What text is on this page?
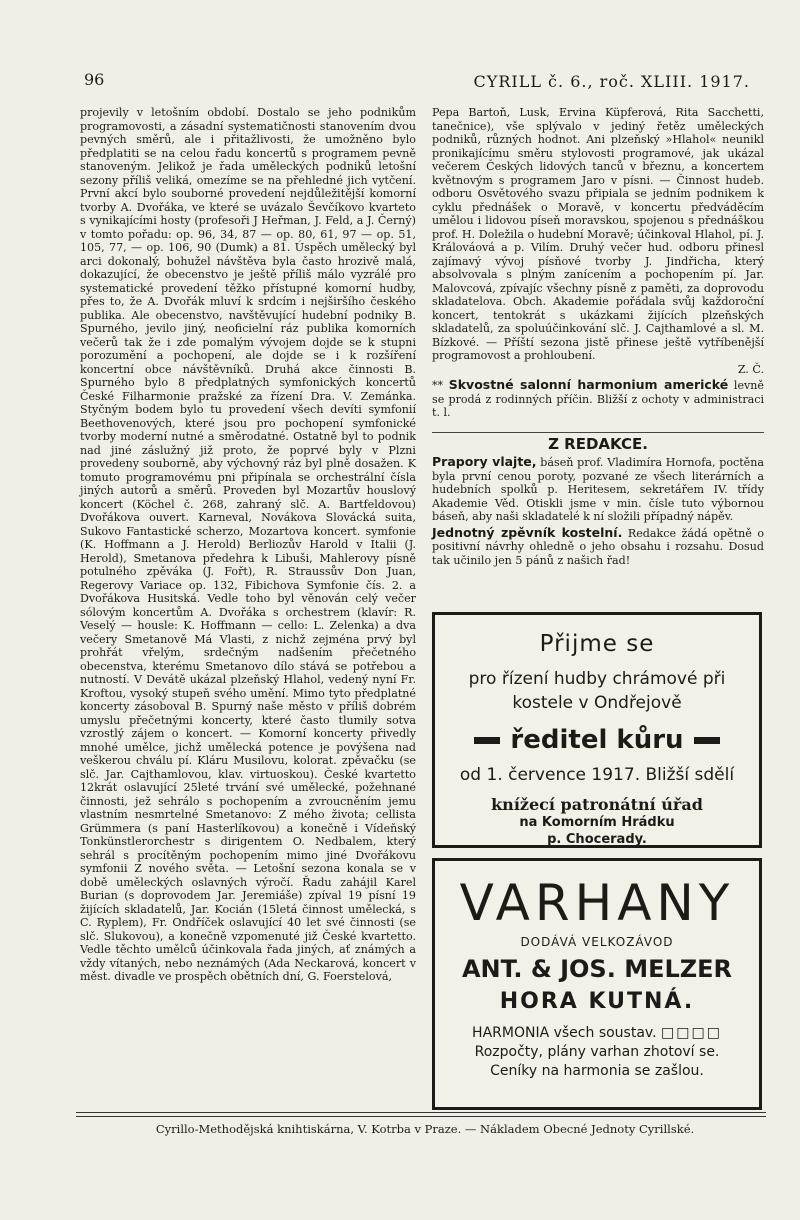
96	CYRILL č. 6., roč. XLIII. 1917.

projevily v letošním období. Dostalo se jeho podnikům programovosti, a zásadní systematičnosti stanovením dvou pevných směrů, ale i přitažlivosti, že umožněno bylo předplatiti se na celou řadu koncertů s programem pevně stanoveným. Jelikož je řada uměleckých podniků letošní sezony příliš veliká, omezíme se na přehledné jich vytčení. První akcí bylo souborné provedení nejdůležitější komorní tvorby A. Dvořáka, ve které se uvázalo Ševčíkovo kvarteto s vynikajícími hosty (profesoři J Heřman, J. Feld, a J. Černý) v tomto pořadu: op. 96, 34, 87 — op. 80, 61, 97 — op. 51, 105, 77, — op. 106, 90 (Dumk) a 81. Úspěch umělecký byl arci dokonalý, bohužel návštěva byla často hrozivě malá, dokazující, že obecenstvo je ještě příliš málo vyzrálé pro systematické provedení těžko přístupné komorní hudby, přes to, že A. Dvořák mluví k srdcím i nejširšího českého publika. Ale obecenstvo, navštěvující hudební podniky B. Spurného, jevilo jiný, neoficielní ráz publika komorních večerů tak že i zde pomalým vývojem dojde se k stupni porozumění a pochopení, ale dojde se i k rozšíření koncertní obce návštěvníků. Druhá akce činnosti B. Spurného bylo 8 předplatných symfonických koncertů České Filharmonie pražské za řízení Dra. V. Zemánka. Styčným bodem bylo tu provedení všech devíti symfonií Beethovenových, které jsou pro pochopení symfonické tvorby moderní nutné a směrodatné. Ostatně byl to podnik nad jiné záslužný již proto, že poprvé byly v Plzni provedeny souborně, aby výchovný ráz byl plně dosažen. K tomuto programovému pni připínala se orchestrální čísla jiných autorů a směrů. Proveden byl Mozartův houslový koncert (Köchel č. 268, zahraný slč. A. Bartfeldovou) Dvořákova ouvert. Karneval, Novákova Slovácká suita, Sukovo Fantastické scherzo, Mozartova koncert. symfonie (K. Hoffmann a J. Herold) Berliozův Harold v Italii (J. Herold), Smetanova předehra k Libuši, Mahlerovy písně potulného zpěváka (J. Fořt), R. Straussův Don Juan, Regerovy Variace op. 132, Fibichova Symfonie čís. 2. a Dvořákova Husitská. Vedle toho byl věnován celý večer sólovým koncertům A. Dvořáka s orchestrem (klavír: R. Veselý — housle: K. Hoffmann — cello: L. Zelenka) a dva večery Smetanově Má Vlasti, z nichž zejména prvý byl prohřát vřelým, srdečným nadšením přečetného obecenstva, kterému Smetanovo dílo stává se potřebou a nutností. V Devátě ukázal plzeňský Hlahol, vedený nyní Fr. Kroftou, vysoký stupeň svého umění. Mimo tyto předplatné koncerty zásoboval B. Spurný naše město v příliš dobrém umyslu přečetnými koncerty, které často tlumily sotva vzrostlý zájem o koncert. — Komorní koncerty přivedly mnohé umělce, jichž umělecká potence je povýšena nad veškerou chválu pí. Kláru Musilovu, kolorat. zpěvačku (se slč. Jar. Cajthamlovou, klav. virtuoskou). České kvartetto 12krát oslavující 25leté trvání své umělecké, požehnané činnosti, jež sehrálo s pochopením a zvroucněním jemu vlastním nesmrtelné Smetanovo: Z mého života; cellista Grümmera (s paní Hasterlíkovou) a konečně i Vídeňský Tonkünstlerorchestr s dirigentem O. Nedbalem, který sehrál s procítěným pochopením mimo jiné Dvořákovu symfonii Z nového světa. — Letošní sezona konala se v době uměleckých oslavných výročí. Řadu zahájil Karel Burian (s doprovodem Jar. Jeremiáše) zpíval 19 písní 19 žijících skladatelů, Jar. Kocián (15letá činnost umělecká, s C. Ryplem), Fr. Ondříček oslavující 40 let své činnosti (se slč. Slukovou), a konečně vzpomenuté již České kvartetto. Vedle těchto umělců účinkovala řada jiných, ať známých a vždy vítaných, nebo neznámých (Ada Neckarová, koncert v měst. divadle ve prospěch obětních dní, G. Foerstelová,

Pepa Bartoň, Lusk, Ervina Küpferová, Rita Sacchetti, tanečnice), vše splývalo v jediný řetěz uměleckých podniků, různých hodnot. Ani plzeňský »Hlahol« neunikl pronikajícímu směru stylovosti programové, jak ukázal večerem Českých lidových tanců v březnu, a koncertem květnovým s programem Jaro v písni. — Činnost hudeb. odboru Osvětového svazu připiala se jedním podnikem k cyklu přednášek o Moravě, v koncertu předváděcím umělou i lidovou píseň moravskou, spojenou s přednáškou prof. H. Doležila o hudební Moravě; účinkoval Hlahol, pí. J. Králováová a p. Vilím. Druhý večer hud. odboru přinesl zajímavý vývoj písňové tvorby J. Jindřicha, který absolvovala s plným zanícením a pochopením pí. Jar. Malovcová, zpívajíc všechny písně z paměti, za doprovodu skladatelova. Obch. Akademie pořádala svůj každoroční koncert, tentokrát s ukázkami žijících plzeňských skladatelů, za spoluúčinkování slč. J. Cajthamlové a sl. M. Bízkové. — Příští sezona jistě přinese ještě vytříbenější programovost a prohloubení.

Z. Č.

** Skvostné salonní harmonium americké levně se prodá z rodinných příčin. Bližší z ochoty v administraci t. l.

Z REDAKCE.

Prapory vlajte, báseň prof. Vladimíra Hornofa, poctěna byla první cenou poroty, pozvané ze všech literárních a hudebních spolků p. Heritesem, sekretářem IV. třídy Akademie Věd. Otiskli jsme v min. čísle tuto výbornou báseň, aby naši skladatelé k ní složili případný nápěv.

Jednotný zpěvník kostelní. Redakce žádá opětně o positivní návrhy ohledně o jeho obsahu i rozsahu. Dosud tak učinilo jen 5 pánů z našich řad!

Přijme se
pro řízení hudby chrámové při
kostele v Ondřejově
ředitel kůru
od 1. července 1917. Bližší sdělí
knížecí patronátní úřad
na Komorním Hrádku
p. Chocerady.
VARHANY
DODÁVÁ VELKOZÁVOD
ANT. & JOS. MELZER
HORA KUTNÁ.
HARMONIA všech soustav. □□□□
Rozpočty, plány varhan zhotoví se.
Ceníky na harmonia se zašlou.
Cyrillo-Methodějská knihtiskárna, V. Kotrba v Praze. — Nákladem Obecné Jednoty Cyrillské.
